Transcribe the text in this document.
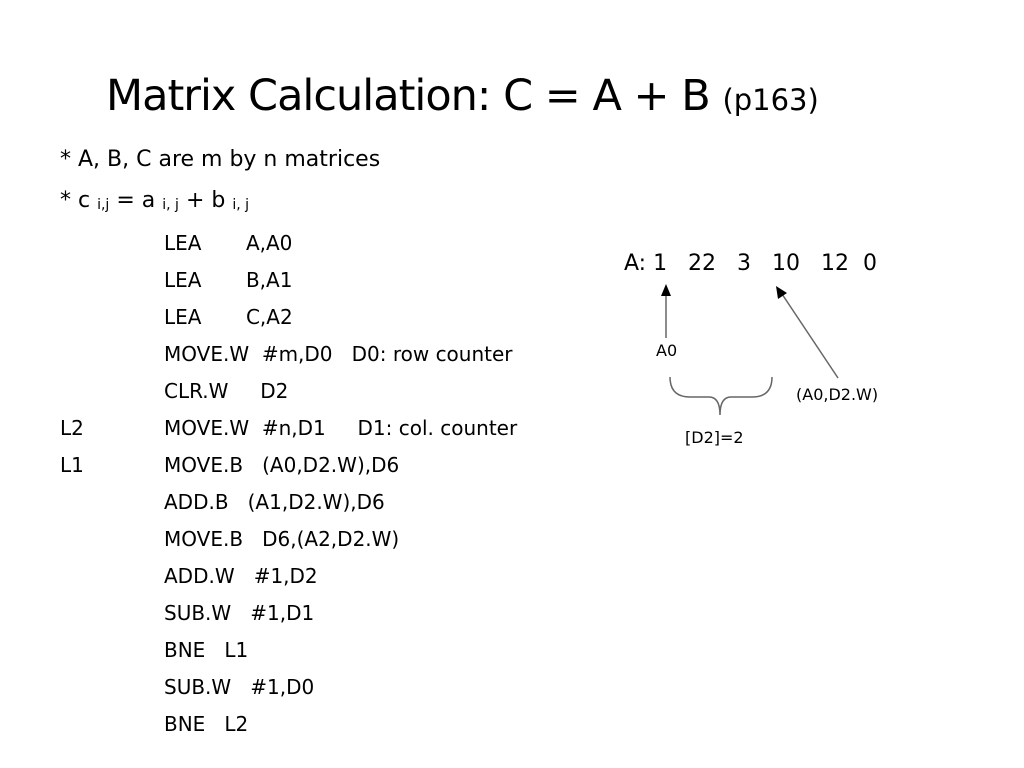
Matrix Calculation: C = A + B (p163)
* A, B, C are m by n matrices
* c $_{i,j}$ = a $_{i, j}$ + b $_{i, j}$
LEA       A,A0
LEA       B,A1
LEA       C,A2
MOVE.W  #m,D0   D0: row counter
CLR.W     D2
L2	MOVE.W  #n,D1     D1: col. counter
L1	MOVE.B   (A0,D2.W),D6
ADD.B   (A1,D2.W),D6
MOVE.B   D6,(A2,D2.W)
ADD.W   #1,D2
SUB.W   #1,D1
BNE   L1
SUB.W   #1,D0
BNE   L2
A: 1   22   3   10   12  0
A0
[D2]=2
(A0,D2.W)
